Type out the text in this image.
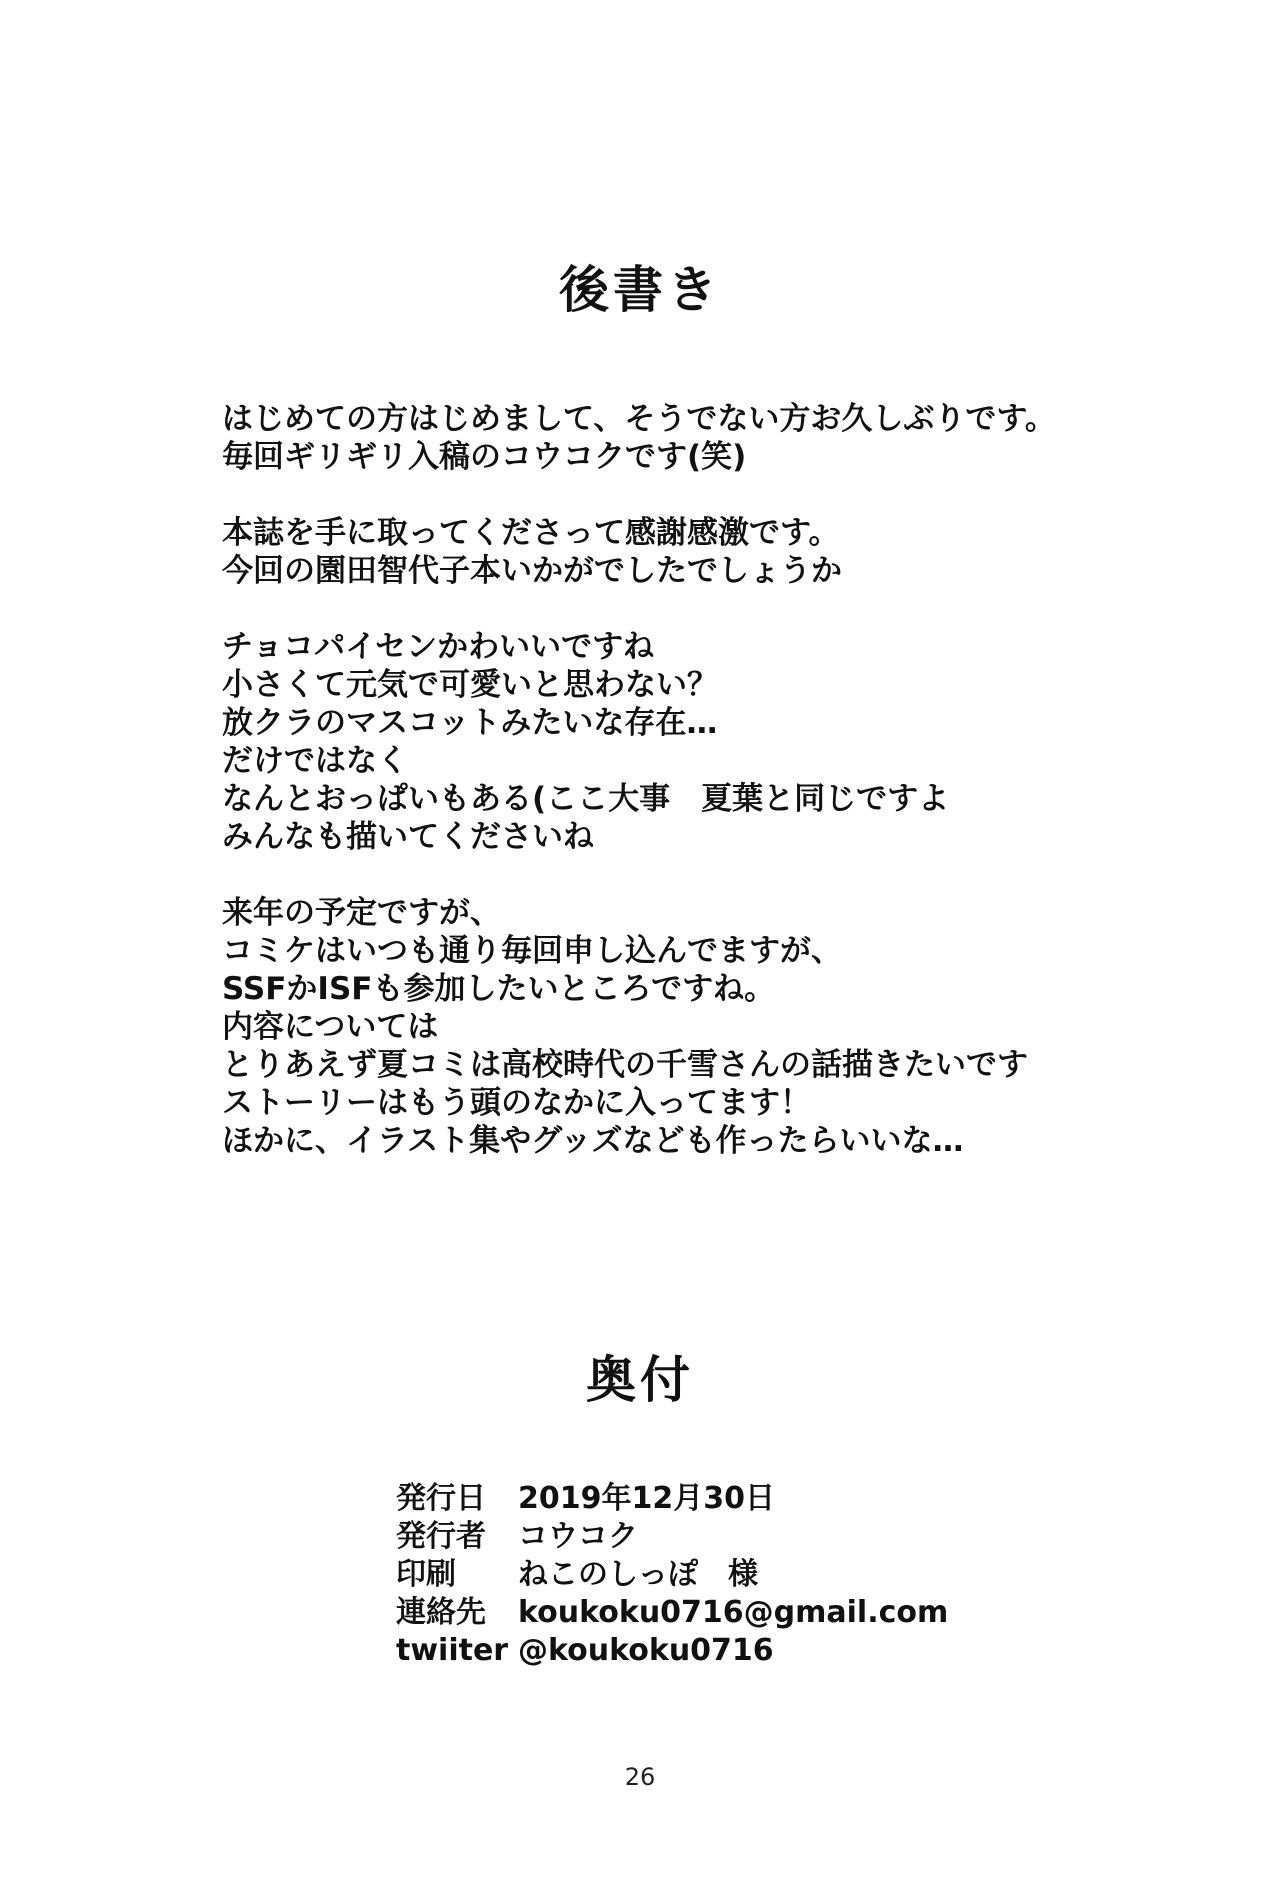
後書き
はじめての方はじめまして、そうでない方お久しぶりです。
毎回ギリギリ入稿のコウコクです(笑)
本誌を手に取ってくださって感謝感激です。
今回の園田智代子本いかがでしたでしょうか
チョコパイセンかわいいですね
小さくて元気で可愛いと思わない？
放クラのマスコットみたいな存在…
だけではなく
なんとおっぱいもある(ここ大事　夏葉と同じですよ
みんなも描いてくださいね
来年の予定ですが、
コミケはいつも通り毎回申し込んでますが、
SSFかISFも参加したいところですね。
内容については
とりあえず夏コミは高校時代の千雪さんの話描きたいです
ストーリーはもう頭のなかに入ってます！
ほかに、イラスト集やグッズなども作ったらいいな…
奥付
発行日	2019年12月30日
発行者	コウコク
印刷	ねこのしっぽ　様
連絡先	koukoku0716@gmail.com
twiiter @koukoku0716
26
